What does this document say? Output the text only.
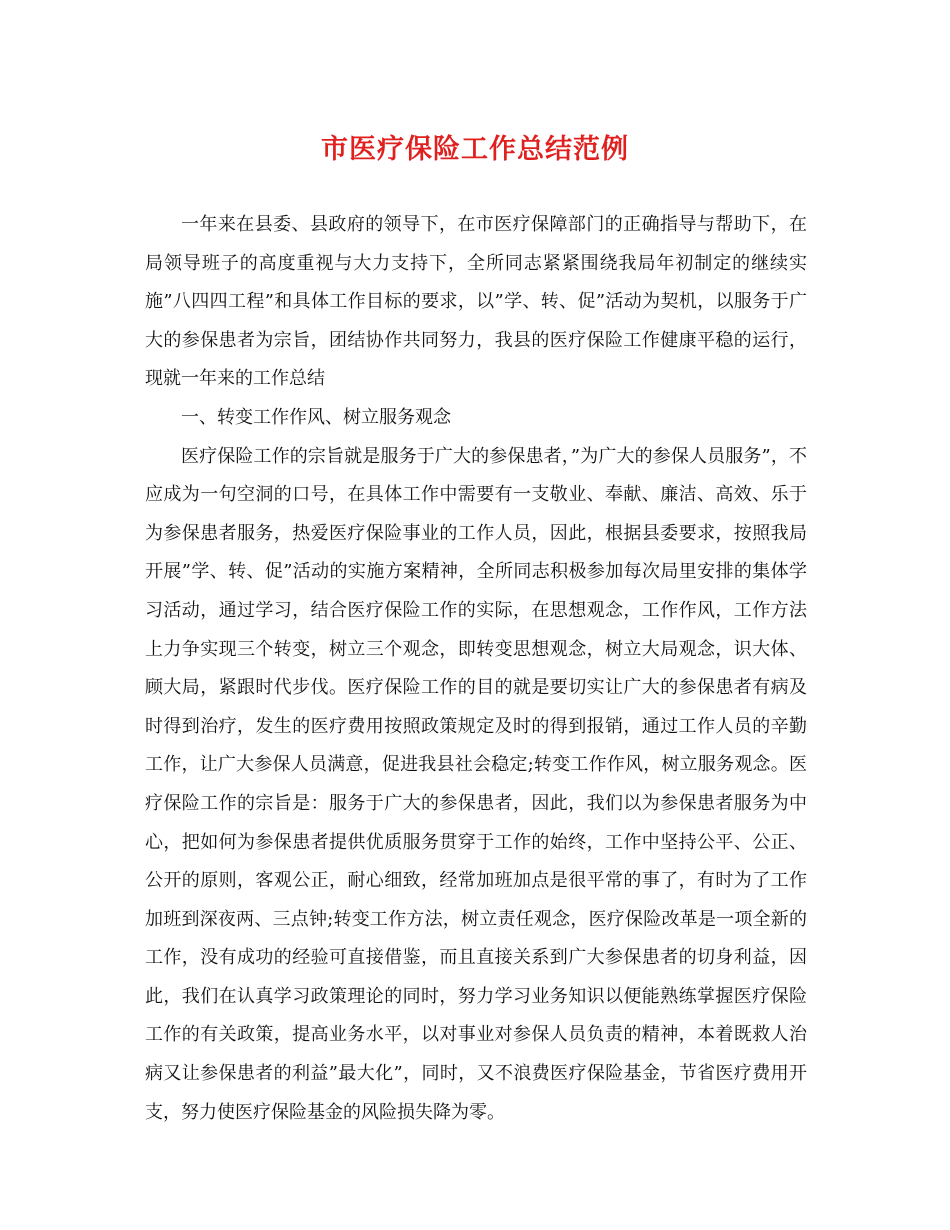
市医疗保险工作总结范例

一年来在县委、县政府的领导下，在市医疗保障部门的正确指导与帮助下，在局领导班子的高度重视与大力支持下，全所同志紧紧围绕我局年初制定的继续实施”八四四工程”和具体工作目标的要求，以”学、转、促”活动为契机，以服务于广大的参保患者为宗旨，团结协作共同努力，我县的医疗保险工作健康平稳的运行，现就一年来的工作总结

一、转变工作作风、树立服务观念

医疗保险工作的宗旨就是服务于广大的参保患者，”为广大的参保人员服务”，不应成为一句空洞的口号，在具体工作中需要有一支敬业、奉献、廉洁、高效、乐于为参保患者服务，热爱医疗保险事业的工作人员，因此，根据县委要求，按照我局开展”学、转、促”活动的实施方案精神，全所同志积极参加每次局里安排的集体学习活动，通过学习，结合医疗保险工作的实际，在思想观念，工作作风，工作方法上力争实现三个转变，树立三个观念，即转变思想观念，树立大局观念，识大体、顾大局，紧跟时代步伐。医疗保险工作的目的就是要切实让广大的参保患者有病及时得到治疗，发生的医疗费用按照政策规定及时的得到报销，通过工作人员的辛勤工作，让广大参保人员满意，促进我县社会稳定;转变工作作风，树立服务观念。医疗保险工作的宗旨是：服务于广大的参保患者，因此，我们以为参保患者服务为中心，把如何为参保患者提供优质服务贯穿于工作的始终，工作中坚持公平、公正、公开的原则，客观公正，耐心细致，经常加班加点是很平常的事了，有时为了工作加班到深夜两、三点钟;转变工作方法，树立责任观念，医疗保险改革是一项全新的工作，没有成功的经验可直接借鉴，而且直接关系到广大参保患者的切身利益，因此，我们在认真学习政策理论的同时，努力学习业务知识以便能熟练掌握医疗保险工作的有关政策，提高业务水平，以对事业对参保人员负责的精神，本着既救人治病又让参保患者的利益”最大化”，同时，又不浪费医疗保险基金，节省医疗费用开支，努力使医疗保险基金的风险损失降为零。
